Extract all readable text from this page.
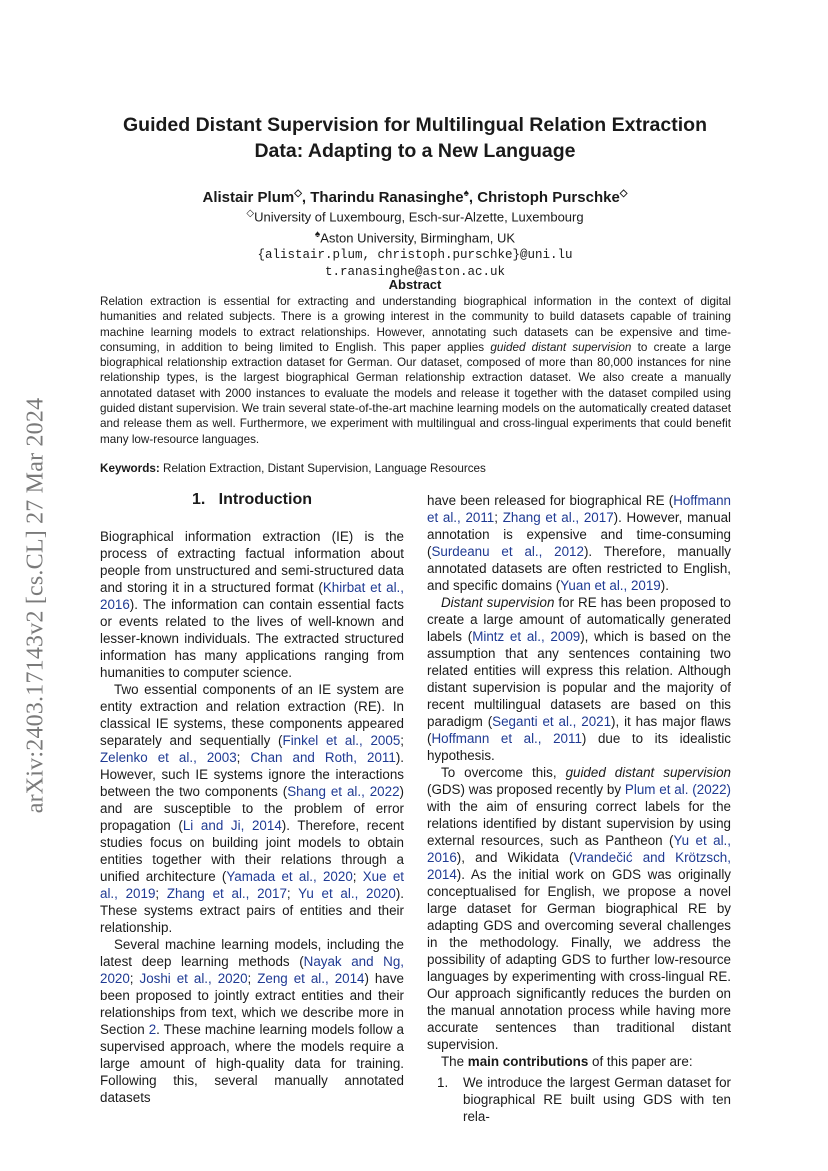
arXiv:2403.17143v2 [cs.CL] 27 Mar 2024
Guided Distant Supervision for Multilingual Relation Extraction
Data: Adapting to a New Language
Alistair Plum◇, Tharindu Ranasinghe♠, Christoph Purschke◇
◇University of Luxembourg, Esch-sur-Alzette, Luxembourg
♠Aston University, Birmingham, UK
{alistair.plum, christoph.purschke}@uni.lu
t.ranasinghe@aston.ac.uk
Abstract
Relation extraction is essential for extracting and understanding biographical information in the context of digital humanities and related subjects. There is a growing interest in the community to build datasets capable of training machine learning models to extract relationships. However, annotating such datasets can be expensive and time-consuming, in addition to being limited to English. This paper applies guided distant supervision to create a large biographical relationship extraction dataset for German. Our dataset, composed of more than 80,000 instances for nine relationship types, is the largest biographical German relationship extraction dataset. We also create a manually annotated dataset with 2000 instances to evaluate the models and release it together with the dataset compiled using guided distant supervision. We train several state-of-the-art machine learning models on the automatically created dataset and release them as well. Furthermore, we experiment with multilingual and cross-lingual experiments that could benefit many low-resource languages.
Keywords: Relation Extraction, Distant Supervision, Language Resources
1.   Introduction

Biographical information extraction (IE) is the process of extracting factual information about people from unstructured and semi-structured data and storing it in a structured format (Khirbat et al., 2016). The information can contain essential facts or events related to the lives of well-known and lesser-known individuals. The extracted structured information has many applications ranging from humanities to computer science.

Two essential components of an IE system are entity extraction and relation extraction (RE). In classical IE systems, these components appeared separately and sequentially (Finkel et al., 2005; Zelenko et al., 2003; Chan and Roth, 2011). However, such IE systems ignore the interactions between the two components (Shang et al., 2022) and are susceptible to the problem of error propagation (Li and Ji, 2014). Therefore, recent studies focus on building joint models to obtain entities together with their relations through a unified architecture (Yamada et al., 2020; Xue et al., 2019; Zhang et al., 2017; Yu et al., 2020). These systems extract pairs of entities and their relationship.

Several machine learning models, including the latest deep learning methods (Nayak and Ng, 2020; Joshi et al., 2020; Zeng et al., 2014) have been proposed to jointly extract entities and their relationships from text, which we describe more in Section 2. These machine learning models follow a supervised approach, where the models require a large amount of high-quality data for training. Following this, several manually annotated datasets

have been released for biographical RE (Hoffmann et al., 2011; Zhang et al., 2017). However, manual annotation is expensive and time-consuming (Surdeanu et al., 2012). Therefore, manually annotated datasets are often restricted to English, and specific domains (Yuan et al., 2019).

Distant supervision for RE has been proposed to create a large amount of automatically generated labels (Mintz et al., 2009), which is based on the assumption that any sentences containing two related entities will express this relation. Although distant supervision is popular and the majority of recent multilingual datasets are based on this paradigm (Seganti et al., 2021), it has major flaws (Hoffmann et al., 2011) due to its idealistic hypothesis.

To overcome this, guided distant supervision (GDS) was proposed recently by Plum et al. (2022) with the aim of ensuring correct labels for the relations identified by distant supervision by using external resources, such as Pantheon (Yu et al., 2016), and Wikidata (Vrandečić and Krötzsch, 2014). As the initial work on GDS was originally conceptualised for English, we propose a novel large dataset for German biographical RE by adapting GDS and overcoming several challenges in the methodology. Finally, we address the possibility of adapting GDS to further low-resource languages by experimenting with cross-lingual RE. Our approach significantly reduces the burden on the manual annotation process while having more accurate sentences than traditional distant supervision.

The main contributions of this paper are:

1.	We introduce the largest German dataset for biographical RE built using GDS with ten rela-
